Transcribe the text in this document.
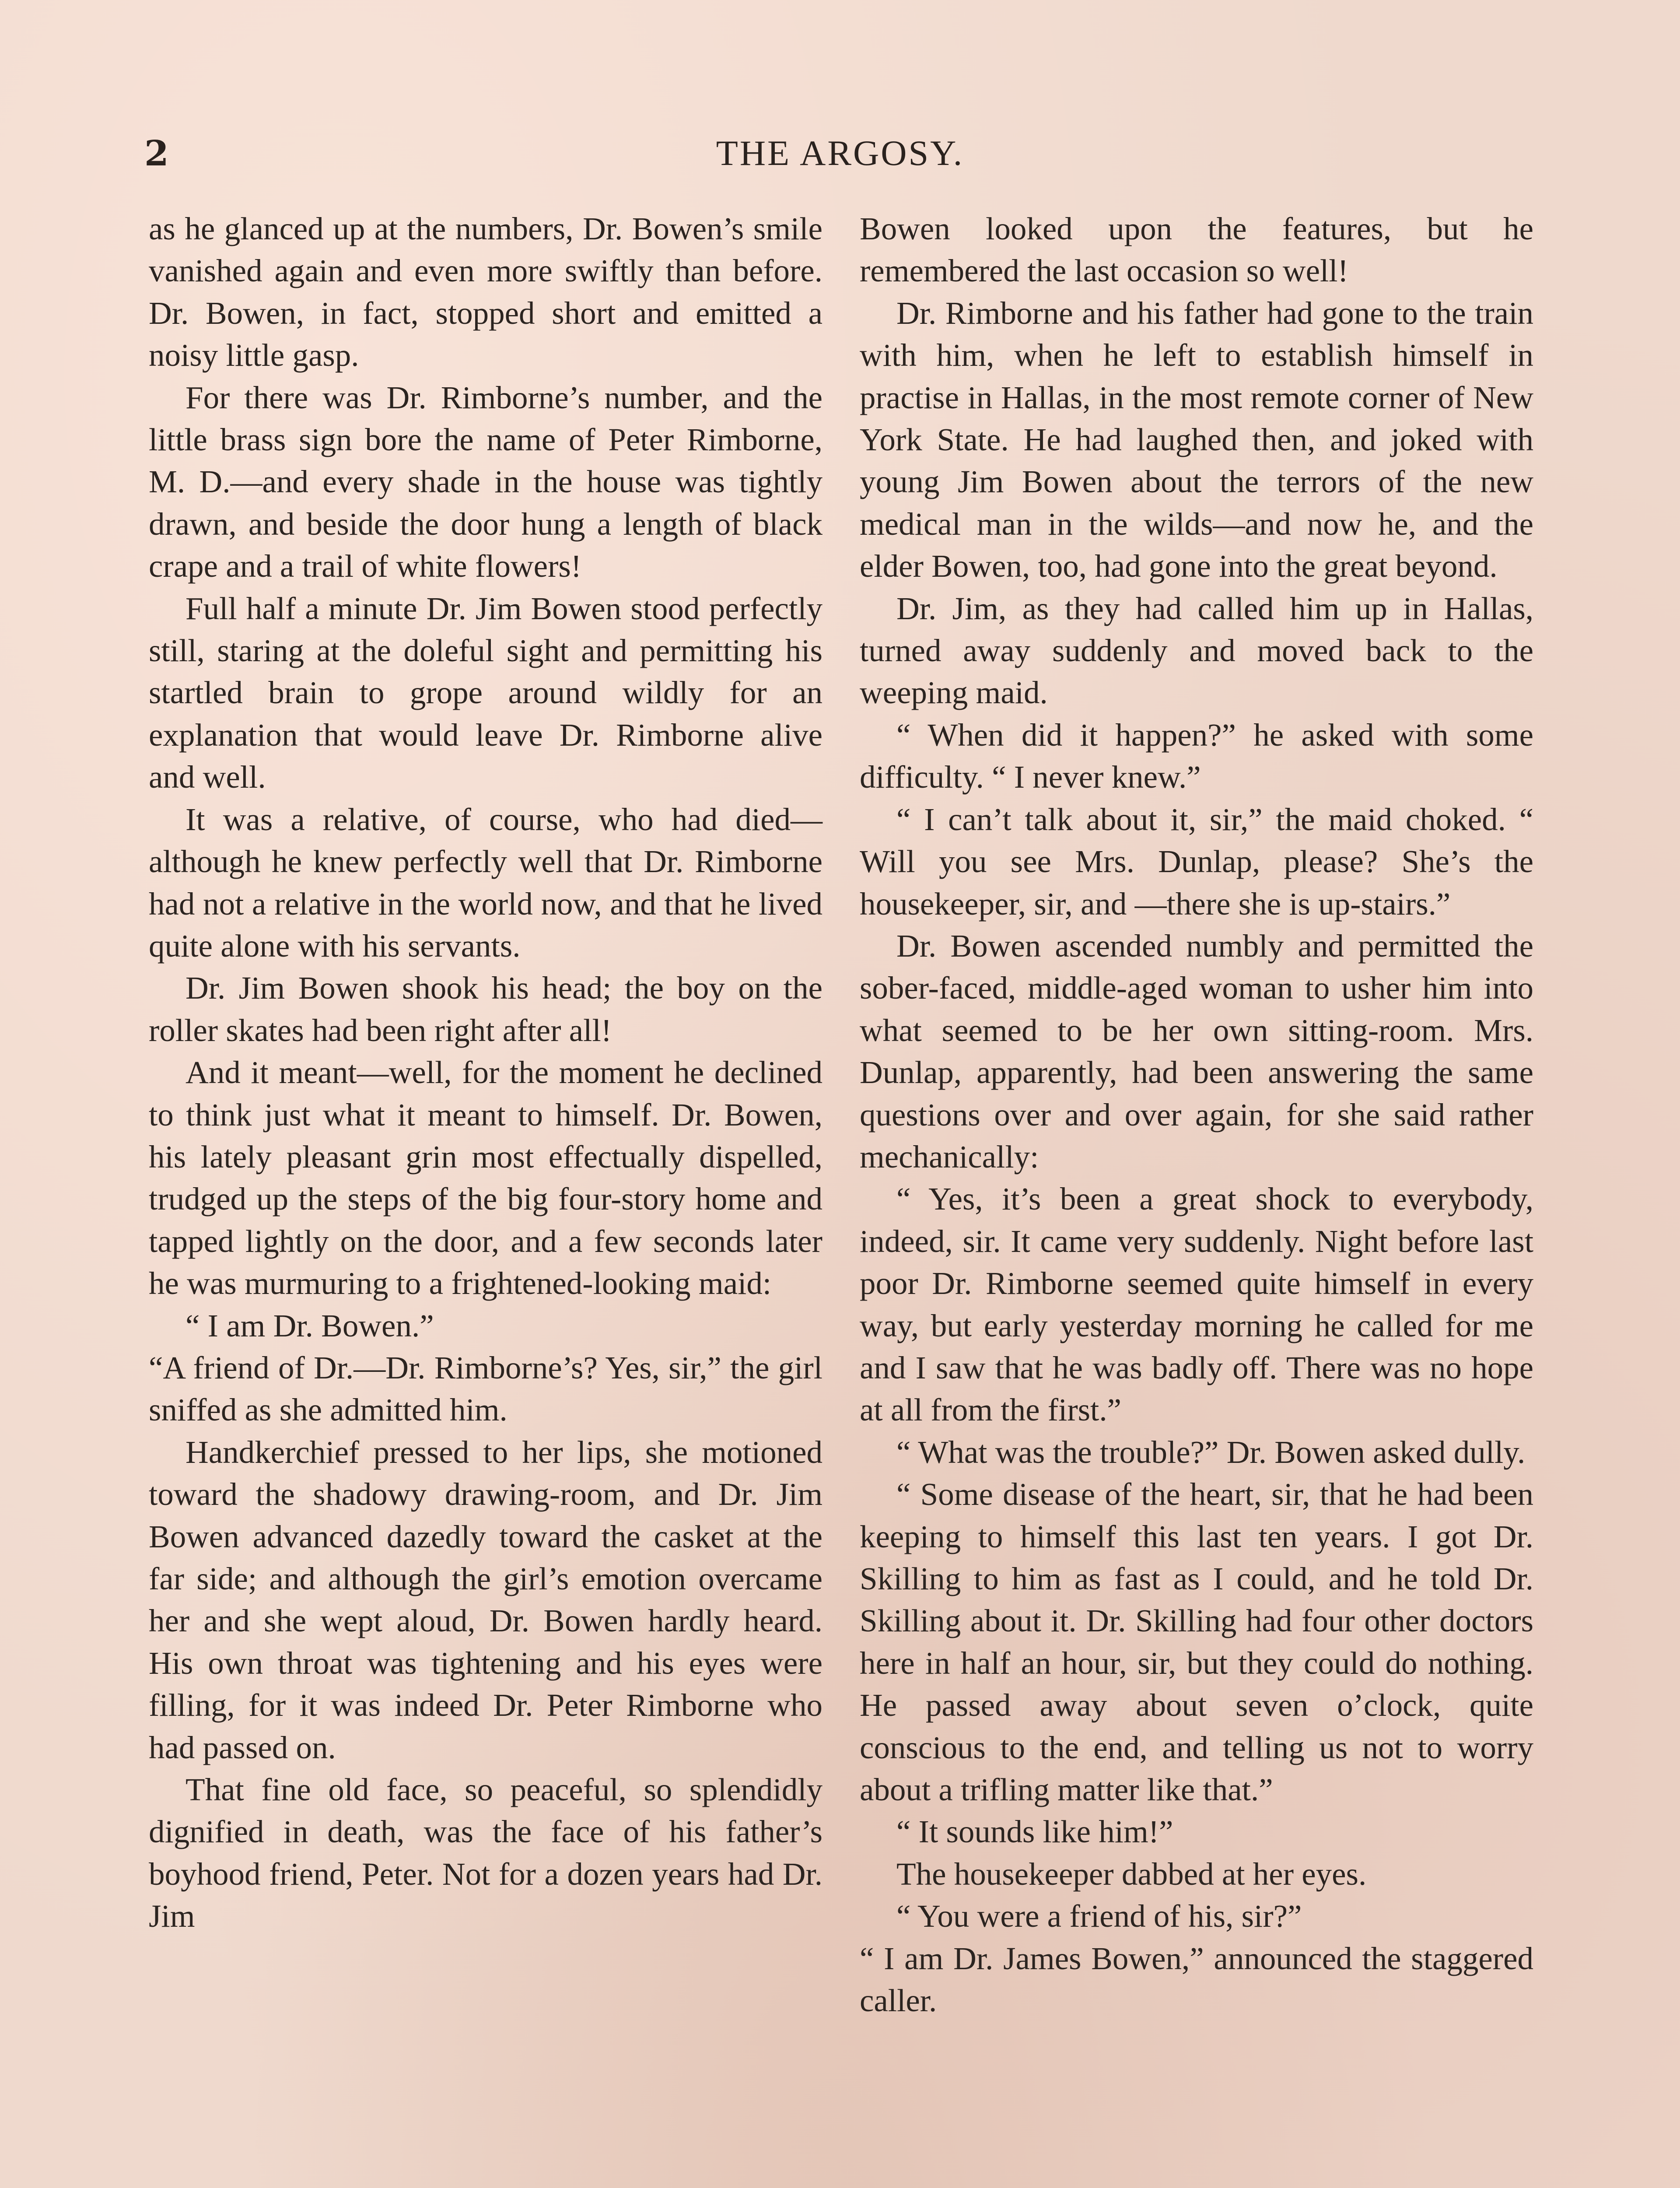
2	THE ARGOSY.

as he glanced up at the numbers, Dr. Bowen’s smile vanished again and even more swiftly than before. Dr. Bowen, in fact, stopped short and emitted a noisy little gasp.

For there was Dr. Rimborne’s number, and the little brass sign bore the name of Peter Rimborne, M. D.—and every shade in the house was tightly drawn, and beside the door hung a length of black crape and a trail of white flowers!

Full half a minute Dr. Jim Bowen stood perfectly still, staring at the doleful sight and permitting his startled brain to grope around wildly for an explanation that would leave Dr. Rimborne alive and well.

It was a relative, of course, who had died—although he knew perfectly well that Dr. Rimborne had not a relative in the world now, and that he lived quite alone with his servants.

Dr. Jim Bowen shook his head; the boy on the roller skates had been right after all!

And it meant—well, for the moment he declined to think just what it meant to himself. Dr. Bowen, his lately pleasant grin most effectually dispelled, trudged up the steps of the big four-story home and tapped lightly on the door, and a few seconds later he was murmuring to a frightened-looking maid:

“ I am Dr. Bowen.”

“A friend of Dr.—Dr. Rimborne’s? Yes, sir,” the girl sniffed as she admitted him.

Handkerchief pressed to her lips, she motioned toward the shadowy drawing-room, and Dr. Jim Bowen advanced dazedly toward the casket at the far side; and although the girl’s emotion overcame her and she wept aloud, Dr. Bowen hardly heard. His own throat was tightening and his eyes were filling, for it was indeed Dr. Peter Rimborne who had passed on.

That fine old face, so peaceful, so splendidly dignified in death, was the face of his father’s boyhood friend, Peter. Not for a dozen years had Dr. Jim

Bowen looked upon the features, but he remembered the last occasion so well!

Dr. Rimborne and his father had gone to the train with him, when he left to establish himself in practise in Hallas, in the most remote corner of New York State. He had laughed then, and joked with young Jim Bowen about the terrors of the new medical man in the wilds—and now he, and the elder Bowen, too, had gone into the great beyond.

Dr. Jim, as they had called him up in Hallas, turned away suddenly and moved back to the weeping maid.

“ When did it happen?” he asked with some difficulty. “ I never knew.”

“ I can’t talk about it, sir,” the maid choked. “ Will you see Mrs. Dunlap, please? She’s the housekeeper, sir, and —there she is up-stairs.”

Dr. Bowen ascended numbly and permitted the sober-faced, middle-aged woman to usher him into what seemed to be her own sitting-room. Mrs. Dunlap, apparently, had been answering the same questions over and over again, for she said rather mechanically:

“ Yes, it’s been a great shock to everybody, indeed, sir. It came very suddenly. Night before last poor Dr. Rimborne seemed quite himself in every way, but early yesterday morning he called for me and I saw that he was badly off. There was no hope at all from the first.”

“ What was the trouble?” Dr. Bowen asked dully.

“ Some disease of the heart, sir, that he had been keeping to himself this last ten years. I got Dr. Skilling to him as fast as I could, and he told Dr. Skilling about it. Dr. Skilling had four other doctors here in half an hour, sir, but they could do nothing. He passed away about seven o’clock, quite conscious to the end, and telling us not to worry about a trifling matter like that.”

“ It sounds like him!”

The housekeeper dabbed at her eyes.

“ You were a friend of his, sir?”

“ I am Dr. James Bowen,” announced the staggered caller.
